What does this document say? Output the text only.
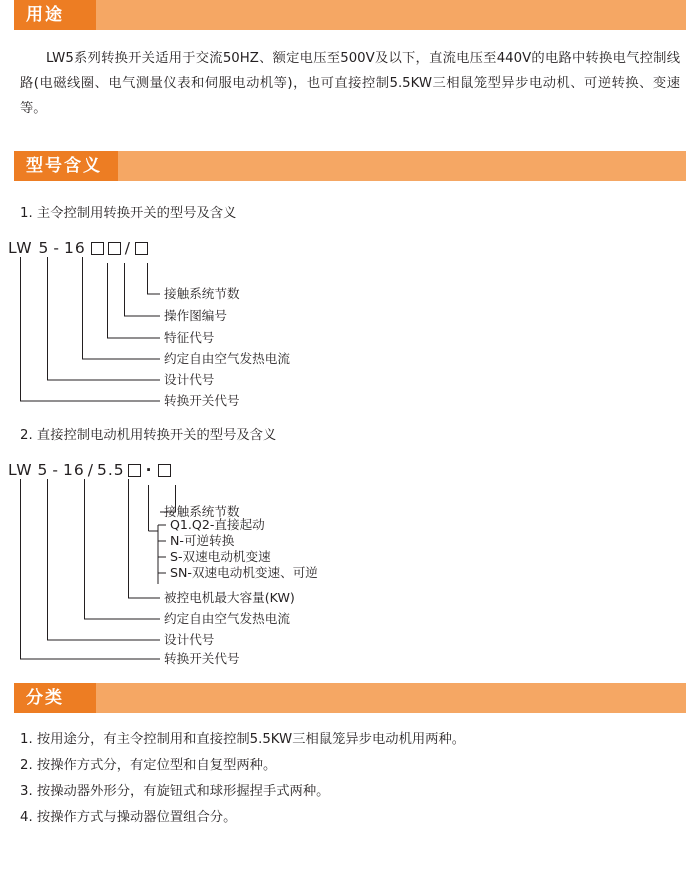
用途

LW5系列转换开关适用于交流50HZ、额定电压至500V及以下，直流电压至440V的电路中转换电气控制线路(电磁线圈、电气测量仪表和伺服电动机等)，也可直接控制5.5KW三相鼠笼型异步电动机、可逆转换、变速等。

型号含义
1. 主令控制用转换开关的型号及含义
LW 5 - 16	/
接触系统节数
操作图编号
特征代号
约定自由空气发热电流
设计代号
转换开关代号
2. 直接控制电动机用转换开关的型号及含义
LW 5 - 16 / 5.5 ·
接触系统节数
Q1.Q2-直接起动
N-可逆转换
S-双速电动机变速
SN-双速电动机变速、可逆
被控电机最大容量(KW)
约定自由空气发热电流
设计代号
转换开关代号
分类
1. 按用途分，有主令控制用和直接控制5.5KW三相鼠笼异步电动机用两种。
2. 按操作方式分，有定位型和自复型两种。
3. 按操动器外形分，有旋钮式和球形握捏手式两种。
4. 按操作方式与操动器位置组合分。
